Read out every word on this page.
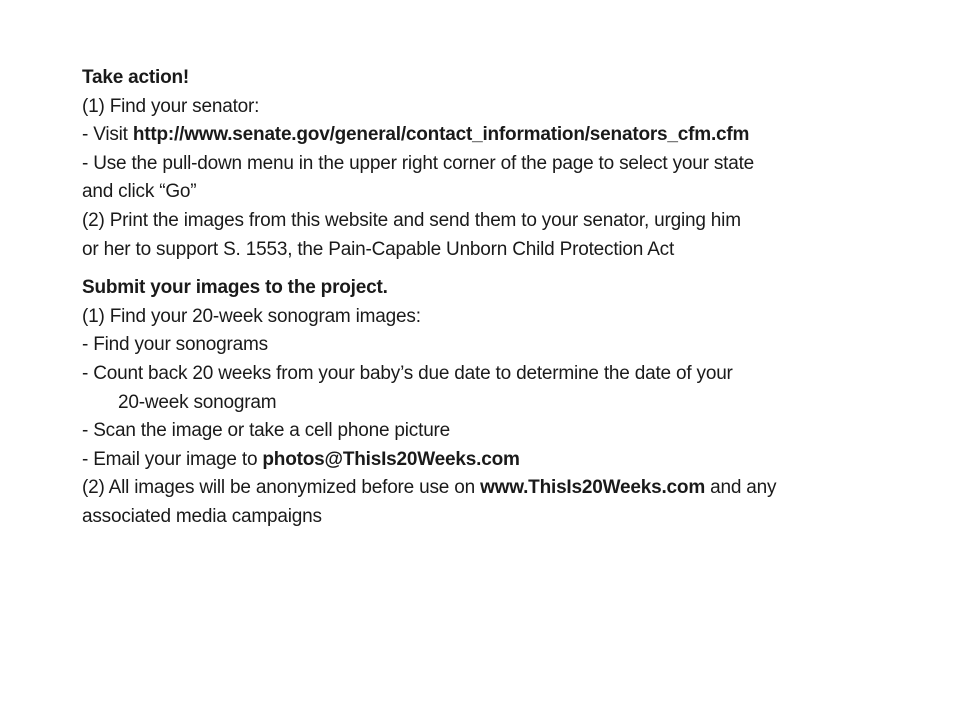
Take action!
(1) Find your senator:
- Visit http://www.senate.gov/general/contact_information/senators_cfm.cfm
- Use the pull-down menu in the upper right corner of the page to select your state
and click “Go”
(2) Print the images from this website and send them to your senator, urging him
or her to support S. 1553, the Pain-Capable Unborn Child Protection Act
Submit your images to the project.
(1) Find your 20-week sonogram images:
- Find your sonograms
- Count back 20 weeks from your baby’s due date to determine the date of your
20-week sonogram
- Scan the image or take a cell phone picture
- Email your image to photos@ThisIs20Weeks.com
(2) All images will be anonymized before use on www.ThisIs20Weeks.com and any
associated media campaigns
